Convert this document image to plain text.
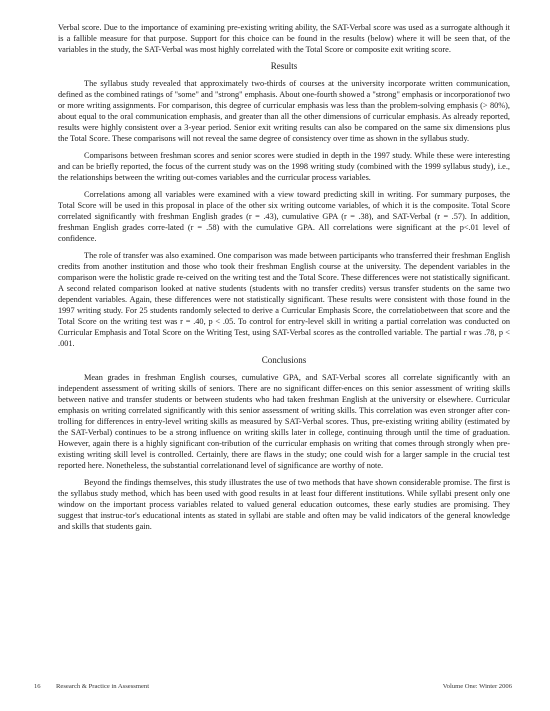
Verbal score. Due to the importance of examining pre-existing writing ability, the SAT-Verbal score was used as a surrogate although it is a fallible measure for that purpose. Support for this choice can be found in the results (below) where it will be seen that, of the variables in the study, the SAT-Verbal was most highly correlated with the Total Score or composite exit writing score.

Results

The syllabus study revealed that approximately two-thirds of courses at the university incorporate written communication, defined as the combined ratings of "some" and "strong" emphasis. About one-fourth showed a "strong" emphasis or incorporationof two or more writing assignments. For comparison, this degree of curricular emphasis was less than the problem-solving emphasis (> 80%), about equal to the oral communication emphasis, and greater than all the other dimensions of curricular emphasis. As already reported, results were highly consistent over a 3-year period. Senior exit writing results can also be compared on the same six dimensions plus the Total Score. These comparisons will not reveal the same degree of consistency over time as shown in the syllabus study.

Comparisons between freshman scores and senior scores were studied in depth in the 1997 study. While these were interesting and can be briefly reported, the focus of the current study was on the 1998 writing study (combined with the 1999 syllabus study), i.e., the relationships between the writing out-comes variables and the curricular process variables.

Correlations among all variables were examined with a view toward predicting skill in writing. For summary purposes, the Total Score will be used in this proposal in place of the other six writing outcome variables, of which it is the composite. Total Score correlated significantly with freshman English grades (r = .43), cumulative GPA (r = .38), and SAT-Verbal (r = .57). In addition, freshman English grades corre-lated (r = .58) with the cumulative GPA. All correlations were significant at the p<.01 level of confidence.

The role of transfer was also examined. One comparison was made between participants who transferred their freshman English credits from another institution and those who took their freshman English course at the university. The dependent variables in the comparison were the holistic grade re-ceived on the writing test and the Total Score. These differences were not statistically significant. A second related comparison looked at native students (students with no transfer credits) versus transfer students on the same two dependent variables. Again, these differences were not statistically significant. These results were consistent with those found in the 1997 writing study. For 25 students randomly selected to derive a Curricular Emphasis Score, the correlatiobetween that score and the Total Score on the writing test was r = .40, p < .05. To control for entry-level skill in writing a partial correlation was conducted on Curricular Emphasis and Total Score on the Writing Test, using SAT-Verbal scores as the controlled variable. The partial r was .78, p < .001.

Conclusions

Mean grades in freshman English courses, cumulative GPA, and SAT-Verbal scores all correlate significantly with an independent assessment of writing skills of seniors. There are no significant differ-ences on this senior assessment of writing skills between native and transfer students or between students who had taken freshman English at the university or elsewhere. Curricular emphasis on writing correlated significantly with this senior assessment of writing skills. This correlation was even stronger after con-trolling for differences in entry-level writing skills as measured by SAT-Verbal scores. Thus, pre-existing writing ability (estimated by the SAT-Verbal) continues to be a strong influence on writing skills later in college, continuing through until the time of graduation. However, again there is a highly significant con-tribution of the curricular emphasis on writing that comes through strongly when pre-existing writing skill level is controlled. Certainly, there are flaws in the study; one could wish for a larger sample in the crucial test reported here. Nonetheless, the substantial correlationand level of significance are worthy of note.

Beyond the findings themselves, this study illustrates the use of two methods that have shown considerable promise. The first is the syllabus study method, which has been used with good results in at least four different institutions. While syllabi present only one window on the important process variables related to valued general education outcomes, these early studies are promising. They suggest that instruc-tor's educational intents as stated in syllabi are stable and often may be valid indicators of the general knowledge and skills that students gain.

16	Research & Practice in Assessment	Volume One: Winter 2006
